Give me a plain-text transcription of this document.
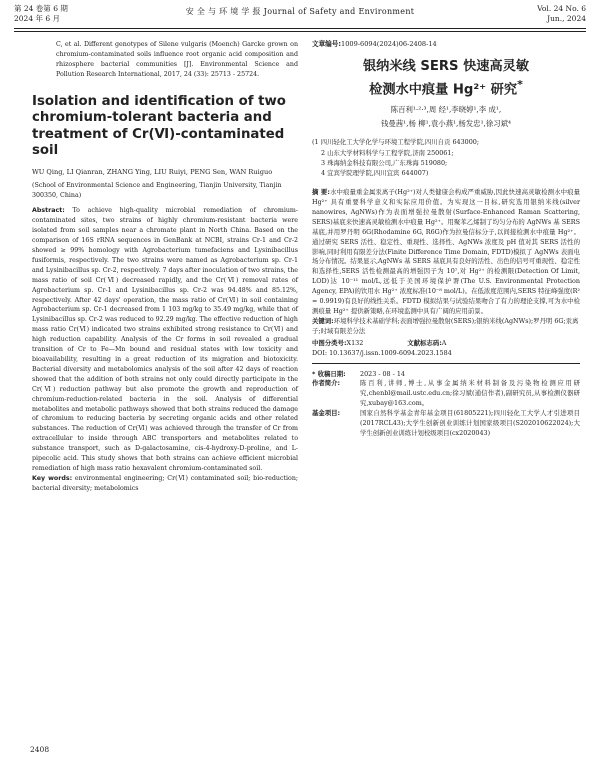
第 24 卷第 6 期
2024 年 6 月
安 全 与 环 境 学 报 Journal of Safety and Environment	Vol. 24 No. 6
Jun., 2024

C, et al. Different genotypes of Silene vulgaris (Moench) Garcke grown on chromium-contaminated soils influence root organic acid composition and rhizosphere bacterial communities [J]. Environmental Science and Pollution Research International, 2017, 24 (33): 25713 - 25724.

Isolation and identification of two chromium-tolerant bacteria and treatment of Cr(Ⅵ)-contaminated soil
WU Qing, LI Qianran, ZHANG Ying, LIU Ruiyi, PENG Sen, WAN Ruiguo
(School of Environmental Science and Engineering, Tianjin University, Tianjin 300350, China)
Abstract: To achieve high-quality microbial remediation of chromium-contaminated sites, two strains of highly chromium-resistant bacteria were isolated from soil samples near a chromate plant in North China. Based on the comparison of 16S rRNA sequences in GenBank at NCBI, strains Cr-1 and Cr-2 showed ≥ 99% homology with Agrobacterium tumefaciens and Lysinibacillus fusiformis, respectively. The two strains were named as Agrobacterium sp. Cr-1 and Lysinibacillus sp. Cr-2, respectively. 7 days after inoculation of two strains, the mass ratio of soil Cr(Ⅵ) decreased rapidly, and the Cr(Ⅵ) removal rates of Agrobacterium sp. Cr-1 and Lysinibacillus sp. Cr-2 was 94.48% and 85.12%, respectively. After 42 days' operation, the mass ratio of Cr(Ⅵ) in soil containing Agrobacterium sp. Cr-1 decreased from 1 103 mg/kg to 35.49 mg/kg, while that of Lysinibacillus sp. Cr-2 was reduced to 92.29 mg/kg. The effective reduction of high mass ratio Cr(Ⅵ) indicated two strains exhibited strong resistance to Cr(Ⅵ) and high reduction capability. Analysis of the Cr forms in soil revealed a gradual transition of Cr to Fe—Mn bound and residual states with low toxicity and bioavailability, resulting in a great reduction of its migration and biotoxicity. Bacterial diversity and metabolomics analysis of the soil after 42 days of reaction showed that the addition of both strains not only could directly participate in the Cr(Ⅵ) reduction pathway but also promote the growth and reproduction of chromium-reduction-related bacteria in the soil. Analysis of differential metabolites and metabolic pathways showed that both strains reduced the damage of chromium to reducing bacteria by secreting organic acids and other related substances. The reduction of Cr(Ⅵ) was achieved through the transfer of Cr from extracellular to inside through ABC transporters and metabolites related to substance transport, such as D-galactosamine, cis-4-hydroxy-D-proline, and L-pipecolic acid. This study shows that both strains can achieve efficient microbial remediation of high mass ratio hexavalent chromium-contaminated soil.
Key words: environmental engineering; Cr(Ⅵ) contaminated soil; bio-reduction; bacterial diversity; metabolomics
文章编号:1009-6094(2024)06-2408-14
银纳米线 SERS 快速高灵敏
检测水中痕量 Hg²⁺ 研究*
陈百利¹·²·³,周 经¹,李晓婷¹,李 成¹,
钱曼茜¹,杨 柳¹,袁小燕¹,杨发忠¹,徐习斌⁴
(1 四川轻化工大学化学与环境工程学院,四川自贡 643000;
2 山东大学材料科学与工程学院,济南 250061;
3 珠海纳金科技有限公司,广东珠海 519080;
4 宜宾学院理学院,四川宜宾 644007)
摘 要:水中痕量重金属汞离子(Hg²⁺)对人类健康会构成严重威胁,因此快速高灵敏检测水中痕量 Hg²⁺ 具有重要科学意义和实际应用价值。为实现这一目标,研究选用银纳米线(silver nanowires, AgNWs)作为表面增强拉曼散射(Surface-Enhanced Raman Scattering, SERS)基底来快速高灵敏检测水中痕量 Hg²⁺。用聚苯乙烯制了均匀分布的 AgNWs 基 SERS 基底,并用罗丹明 6G(Rhodamine 6G, R6G)作为拉曼信标分子,以间接检测水中痕量 Hg²⁺。通过研究 SERS 活性、稳定性、重现性、选择性、AgNWs 浓度及 pH 值对其 SERS 活性的影响,同时利用有限差分法(Finite Difference Time Domain, FDTD)模拟了 AgNWs 表面电场分布情况。结果显示,AgNWs 基 SERS 基底具有良好的活性、出色的信号可重现性、稳定性和选择性,SERS 活性检测最高的增强因子为 10⁷,对 Hg²⁺ 的检测限(Detection Of Limit, LOD)达 10⁻¹¹ mol/L,远低于美国环境保护署(The U.S. Environmental Protection Agency, EPA)的饮用水 Hg²⁺ 浓度标准(10⁻⁸ mol/L)。在低浓度范围内,SERS 特征峰强度(R² = 0.9919)有良好的线性关系。FDTD 模拟结果与试验结果吻合了有力的理论支撑,可为水中检测痕量 Hg²⁺ 提供新策略,在环境监测中具有广阔的应用前景。
关键词:环境科学技术基础学科;表面增强拉曼散射(SERS);银纳米线(AgNWs);罗丹明 6G;汞离子;时域有限差分法
中图分类号:X132	文献标志码:A
DOI: 10.13637/j.issn.1009-6094.2023.1584
* 收稿日期:	2023 - 08 - 14
作者简介:	陈百利,讲师,博士,从事金属纳米材料制备及污染物检测应用研究,chenbl@mail.ustc.edu.cn;徐习斌(通信作者),副研究员,从事检测仪器研究,xubay@163.com。
基金项目:	国家自然科学基金青年基金项目(61805221);四川轻化工大学人才引进项目(2017RCL43);大学生创新创业训练计划国家级项目(S202010622024);大学生创新创业训练计划校级项目(cx2020043)
2408
